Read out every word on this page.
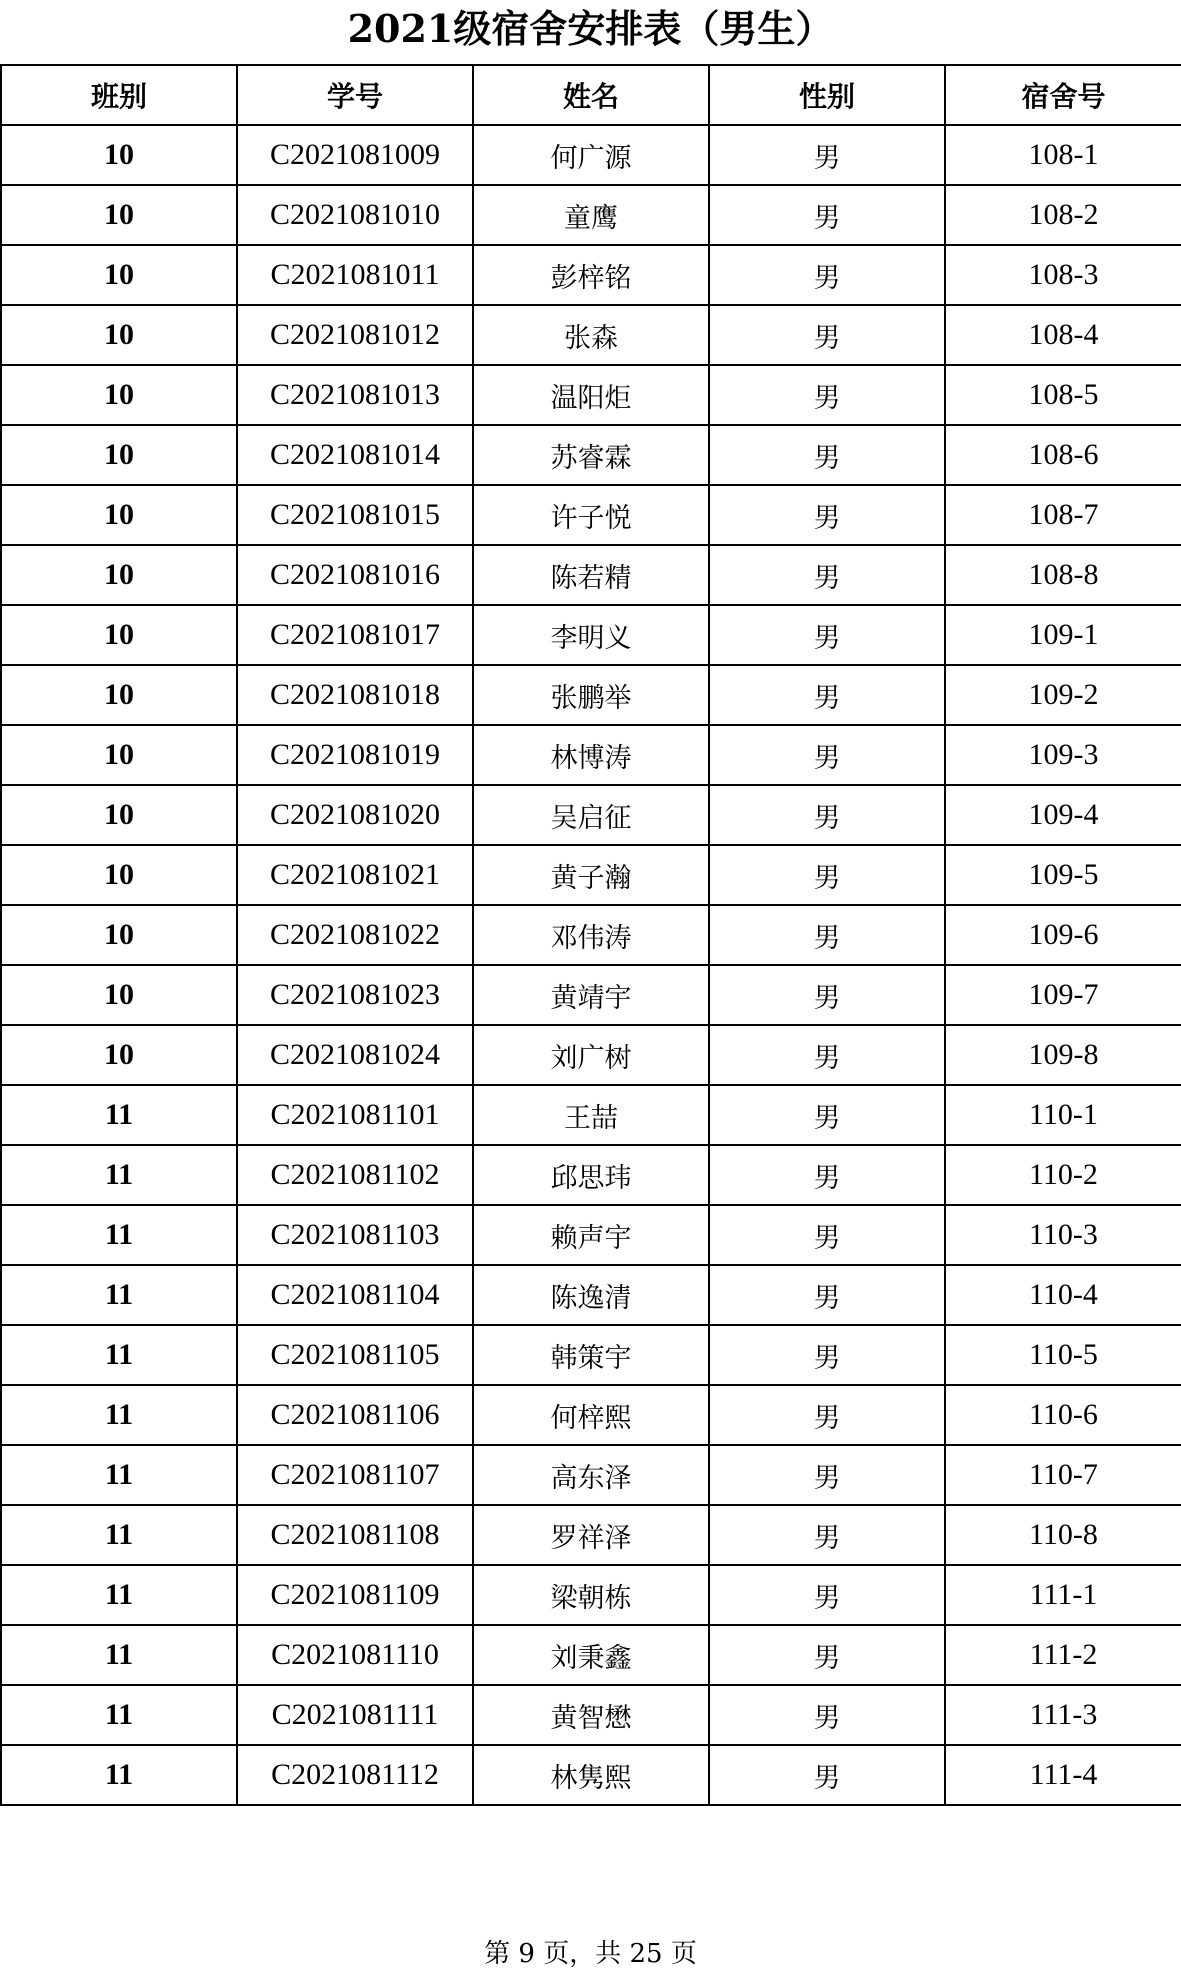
2021级宿舍安排表（男生）
班别	学号	姓名	性别	宿舍号
10	C2021081009	何广源	男	108-1
10	C2021081010	童鹰	男	108-2
10	C2021081011	彭梓铭	男	108-3
10	C2021081012	张森	男	108-4
10	C2021081013	温阳炬	男	108-5
10	C2021081014	苏睿霖	男	108-6
10	C2021081015	许子悦	男	108-7
10	C2021081016	陈若精	男	108-8
10	C2021081017	李明义	男	109-1
10	C2021081018	张鹏举	男	109-2
10	C2021081019	林博涛	男	109-3
10	C2021081020	吴启征	男	109-4
10	C2021081021	黄子瀚	男	109-5
10	C2021081022	邓伟涛	男	109-6
10	C2021081023	黄靖宇	男	109-7
10	C2021081024	刘广树	男	109-8
11	C2021081101	王喆	男	110-1
11	C2021081102	邱思玮	男	110-2
11	C2021081103	赖声宇	男	110-3
11	C2021081104	陈逸清	男	110-4
11	C2021081105	韩策宇	男	110-5
11	C2021081106	何梓熙	男	110-6
11	C2021081107	高东泽	男	110-7
11	C2021081108	罗祥泽	男	110-8
11	C2021081109	梁朝栋	男	111-1
11	C2021081110	刘秉鑫	男	111-2
11	C2021081111	黄智懋	男	111-3
11	C2021081112	林隽熙	男	111-4
第 9 页，共 25 页
